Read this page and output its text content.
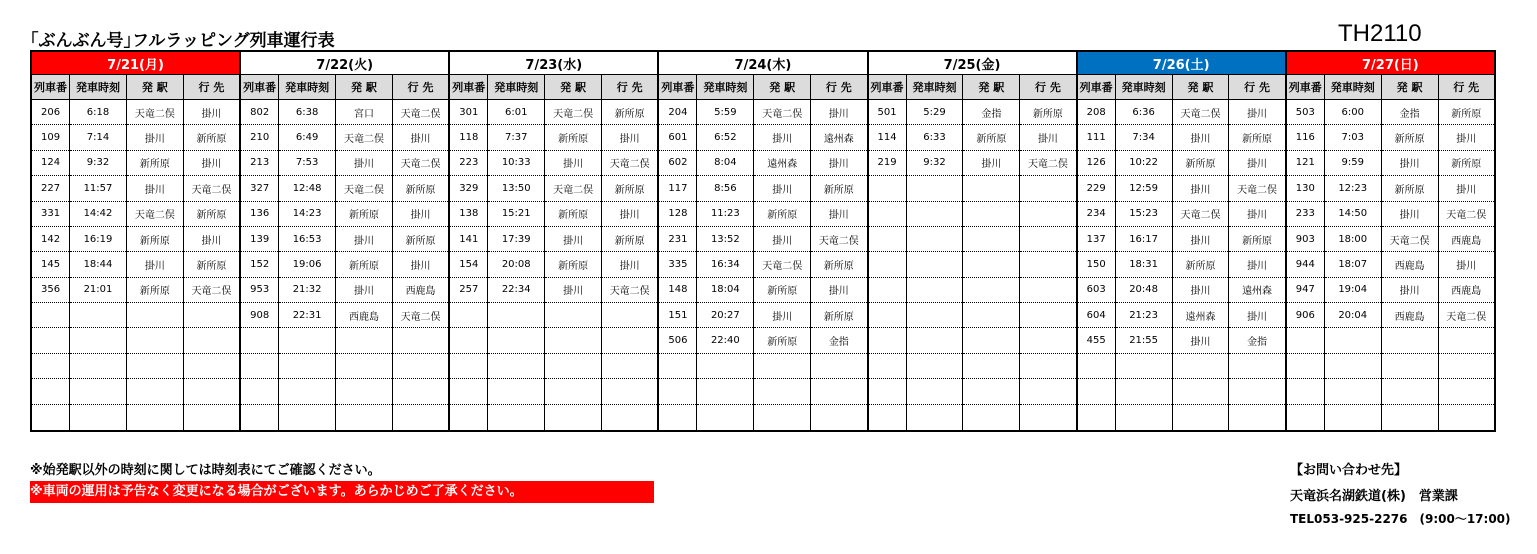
｢ぶんぶん号｣フルラッピング列車運行表	TH2110
7/21(月)				7/22(火)				7/23(水)				7/24(木)				7/25(金)				7/26(土)				7/27(日)			
列車番	発車時刻	発 駅	行 先	列車番	発車時刻	発 駅	行 先	列車番	発車時刻	発 駅	行 先	列車番	発車時刻	発 駅	行 先	列車番	発車時刻	発 駅	行 先	列車番	発車時刻	発 駅	行 先	列車番	発車時刻	発 駅	行 先
206	6:18	天竜二俣	掛川	802	6:38	宮口	天竜二俣	301	6:01	天竜二俣	新所原	204	5:59	天竜二俣	掛川	501	5:29	金指	新所原	208	6:36	天竜二俣	掛川	503	6:00	金指	新所原
109	7:14	掛川	新所原	210	6:49	天竜二俣	掛川	118	7:37	新所原	掛川	601	6:52	掛川	遠州森	114	6:33	新所原	掛川	111	7:34	掛川	新所原	116	7:03	新所原	掛川
124	9:32	新所原	掛川	213	7:53	掛川	天竜二俣	223	10:33	掛川	天竜二俣	602	8:04	遠州森	掛川	219	9:32	掛川	天竜二俣	126	10:22	新所原	掛川	121	9:59	掛川	新所原
227	11:57	掛川	天竜二俣	327	12:48	天竜二俣	新所原	329	13:50	天竜二俣	新所原	117	8:56	掛川	新所原					229	12:59	掛川	天竜二俣	130	12:23	新所原	掛川
331	14:42	天竜二俣	新所原	136	14:23	新所原	掛川	138	15:21	新所原	掛川	128	11:23	新所原	掛川					234	15:23	天竜二俣	掛川	233	14:50	掛川	天竜二俣
142	16:19	新所原	掛川	139	16:53	掛川	新所原	141	17:39	掛川	新所原	231	13:52	掛川	天竜二俣					137	16:17	掛川	新所原	903	18:00	天竜二俣	西鹿島
145	18:44	掛川	新所原	152	19:06	新所原	掛川	154	20:08	新所原	掛川	335	16:34	天竜二俣	新所原					150	18:31	新所原	掛川	944	18:07	西鹿島	掛川
356	21:01	新所原	天竜二俣	953	21:32	掛川	西鹿島	257	22:34	掛川	天竜二俣	148	18:04	新所原	掛川					603	20:48	掛川	遠州森	947	19:04	掛川	西鹿島
				908	22:31	西鹿島	天竜二俣					151	20:27	掛川	新所原					604	21:23	遠州森	掛川	906	20:04	西鹿島	天竜二俣
												506	22:40	新所原	金指					455	21:55	掛川	金指				

※始発駅以外の時刻に関しては時刻表にてご確認ください。
※車両の運用は予告なく変更になる場合がございます。あらかじめご了承ください。
【お問い合わせ先】
天竜浜名湖鉄道(株)　営業課
TEL053-925-2276　(9:00～17:00)
